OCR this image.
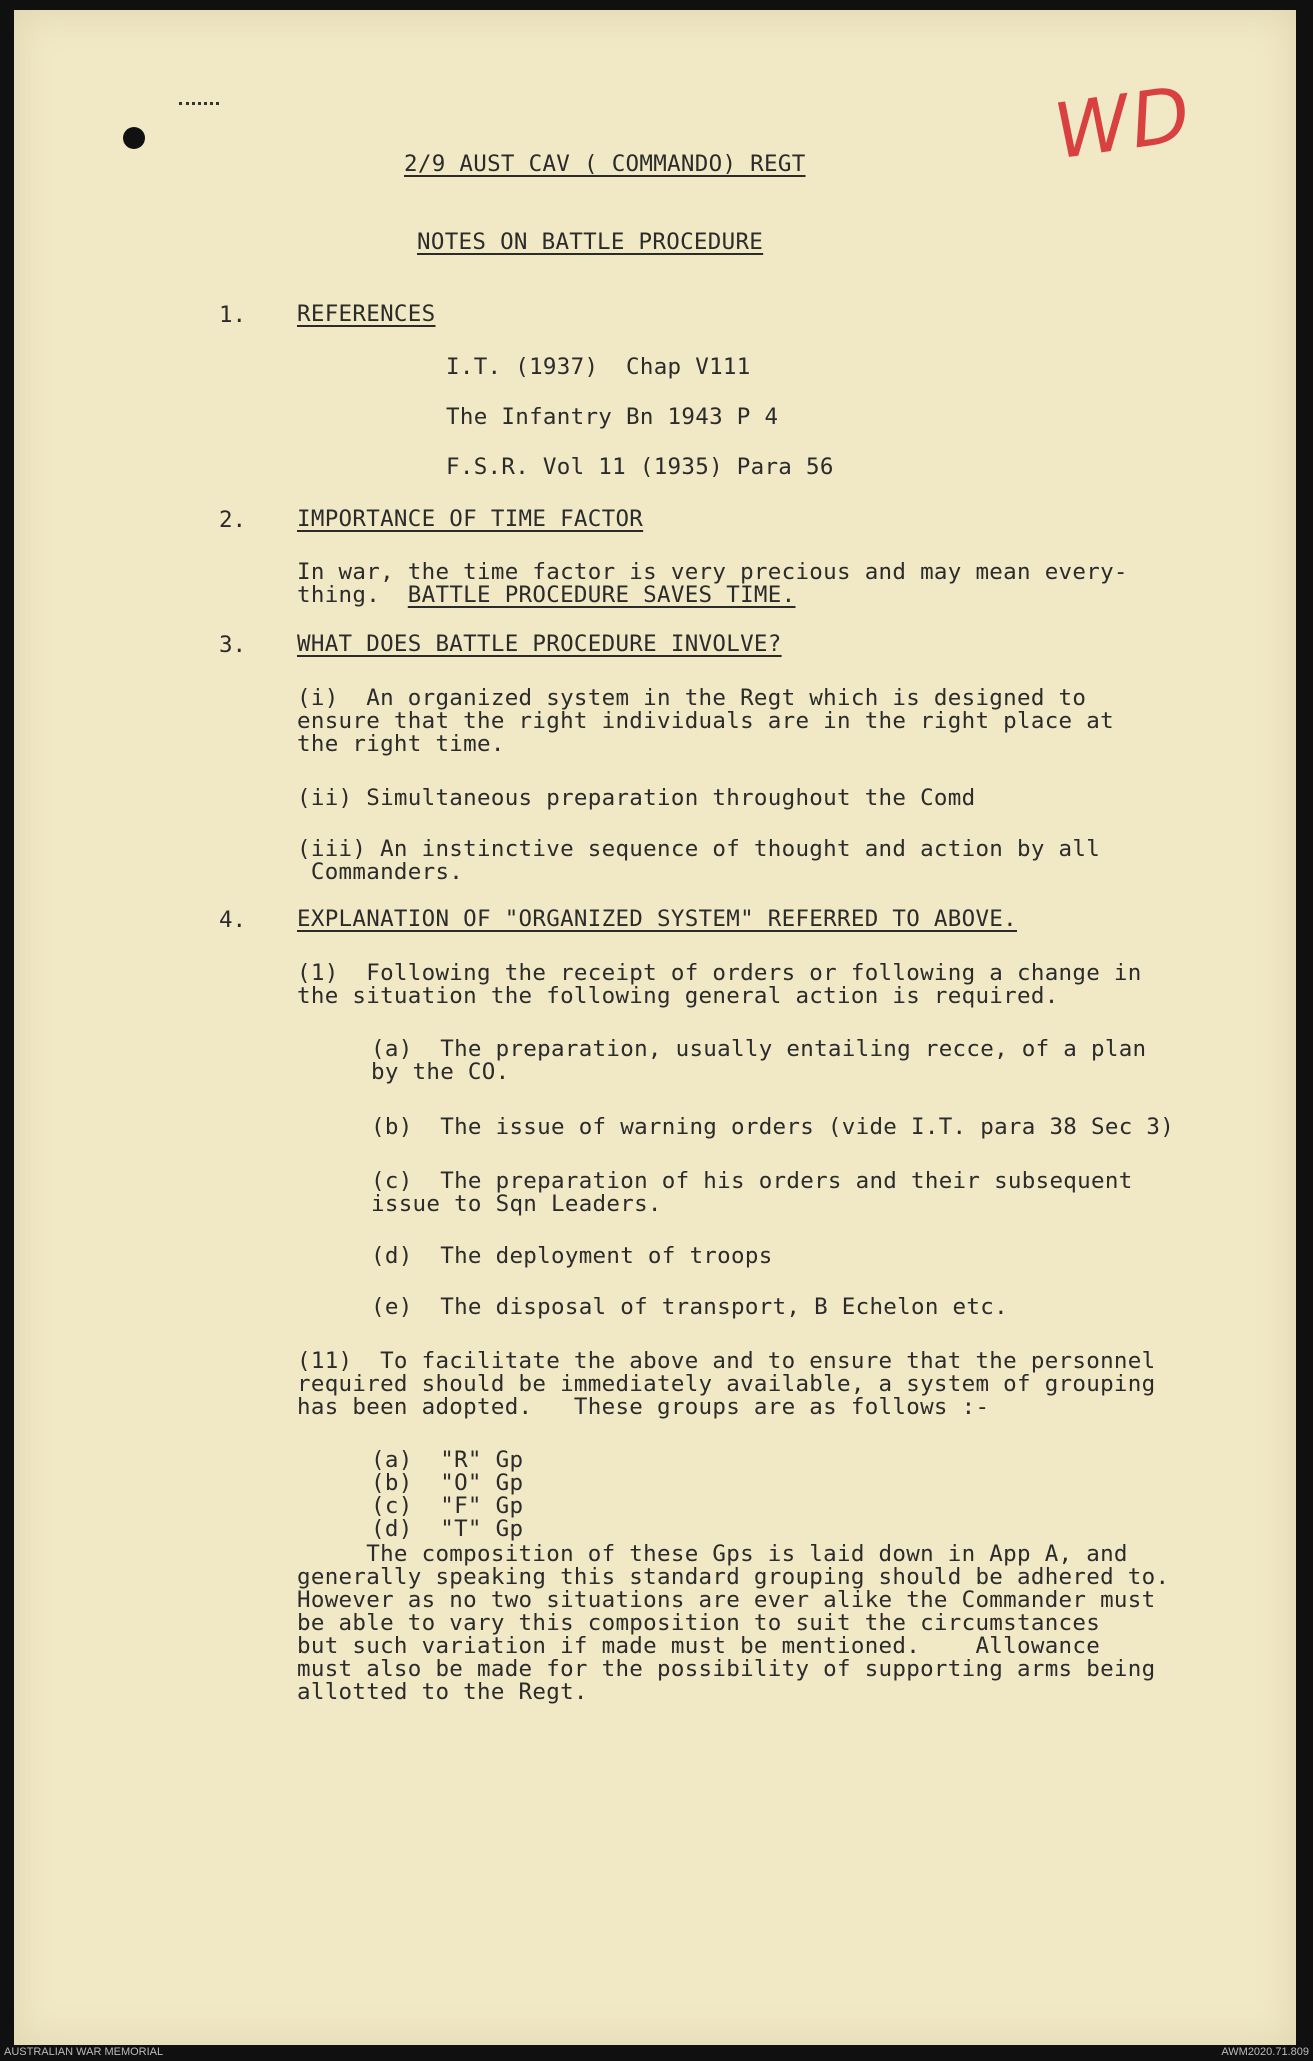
WD
2/9 AUST CAV ( COMMANDO) REGT
NOTES ON BATTLE PROCEDURE
1. REFERENCES
I.T. (1937)  Chap V111
The Infantry Bn 1943 P 4
F.S.R. Vol 11 (1935) Para 56
2. IMPORTANCE OF TIME FACTOR
In war, the time factor is very precious and may mean every-
thing.  BATTLE PROCEDURE SAVES TIME.
3. WHAT DOES BATTLE PROCEDURE INVOLVE?
(i)  An organized system in the Regt which is designed to
ensure that the right individuals are in the right place at
the right time.
(ii) Simultaneous preparation throughout the Comd
(iii) An instinctive sequence of thought and action by all
Commanders.
4. EXPLANATION OF "ORGANIZED SYSTEM" REFERRED TO ABOVE.
(1)  Following the receipt of orders or following a change in
the situation the following general action is required.
(a)  The preparation, usually entailing recce, of a plan
by the CO.
(b)  The issue of warning orders (vide I.T. para 38 Sec 3)
(c)  The preparation of his orders and their subsequent
issue to Sqn Leaders.
(d)  The deployment of troops
(e)  The disposal of transport, B Echelon etc.
(11)  To facilitate the above and to ensure that the personnel
required should be immediately available, a system of grouping
has been adopted.   These groups are as follows :-
(a)  "R" Gp
(b)  "O" Gp
(c)  "F" Gp
(d)  "T" Gp
The composition of these Gps is laid down in App A, and
generally speaking this standard grouping should be adhered to.
However as no two situations are ever alike the Commander must
be able to vary this composition to suit the circumstances
but such variation if made must be mentioned.    Allowance
must also be made for the possibility of supporting arms being
allotted to the Regt.
AUSTRALIAN WAR MEMORIAL	AWM2020.71.809
